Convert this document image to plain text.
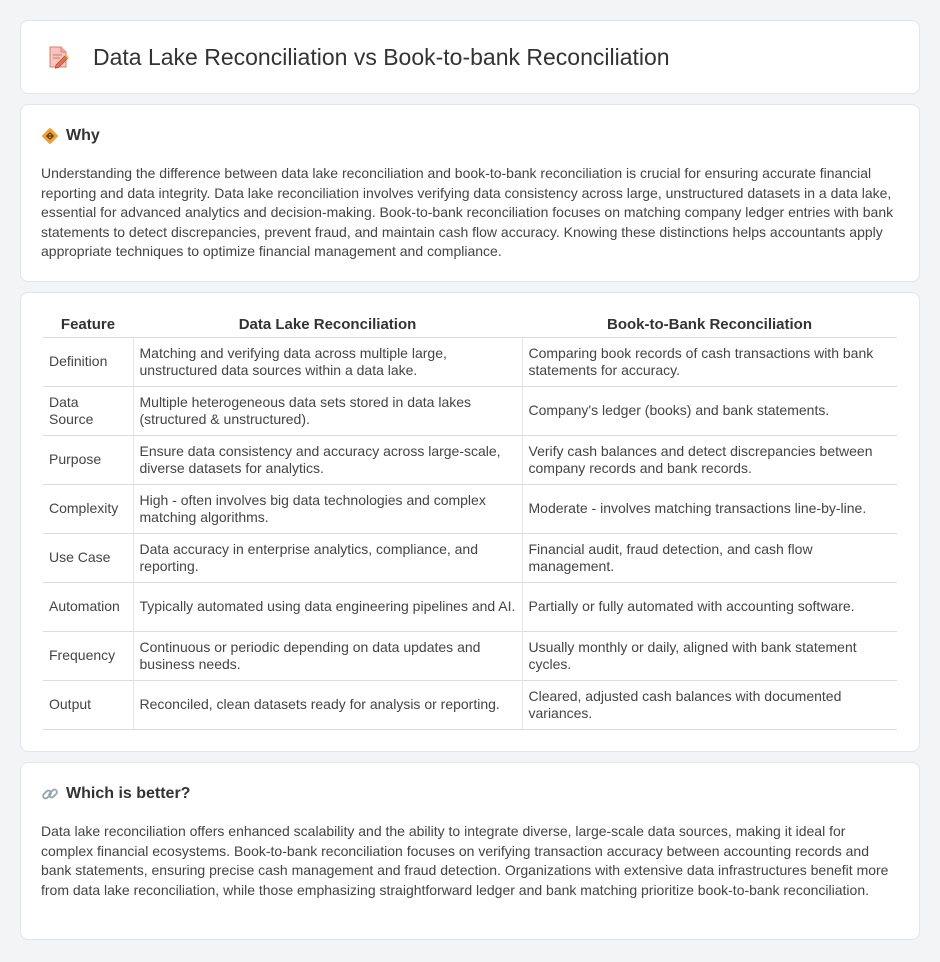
Data Lake Reconciliation vs Book-to-bank Reconciliation
Why

Understanding the difference between data lake reconciliation and book-to-bank reconciliation is crucial for ensuring accurate financial reporting and data integrity. Data lake reconciliation involves verifying data consistency across large, unstructured datasets in a data lake, essential for advanced analytics and decision-making. Book-to-bank reconciliation focuses on matching company ledger entries with bank statements to detect discrepancies, prevent fraud, and maintain cash flow accuracy. Knowing these distinctions helps accountants apply appropriate techniques to optimize financial management and compliance.

Feature	Data Lake Reconciliation	Book-to-Bank Reconciliation
Definition	Matching and verifying data across multiple large, unstructured data sources within a data lake.	Comparing book records of cash transactions with bank statements for accuracy.
Data Source	Multiple heterogeneous data sets stored in data lakes (structured & unstructured).	Company's ledger (books) and bank statements.
Purpose	Ensure data consistency and accuracy across large-scale, diverse datasets for analytics.	Verify cash balances and detect discrepancies between company records and bank records.
Complexity	High - often involves big data technologies and complex matching algorithms.	Moderate - involves matching transactions line-by-line.
Use Case	Data accuracy in enterprise analytics, compliance, and reporting.	Financial audit, fraud detection, and cash flow management.
Automation	Typically automated using data engineering pipelines and AI.	Partially or fully automated with accounting software.
Frequency	Continuous or periodic depending on data updates and business needs.	Usually monthly or daily, aligned with bank statement cycles.
Output	Reconciled, clean datasets ready for analysis or reporting.	Cleared, adjusted cash balances with documented variances.
Which is better?

Data lake reconciliation offers enhanced scalability and the ability to integrate diverse, large-scale data sources, making it ideal for complex financial ecosystems. Book-to-bank reconciliation focuses on verifying transaction accuracy between accounting records and bank statements, ensuring precise cash management and fraud detection. Organizations with extensive data infrastructures benefit more from data lake reconciliation, while those emphasizing straightforward ledger and bank matching prioritize book-to-bank reconciliation.
